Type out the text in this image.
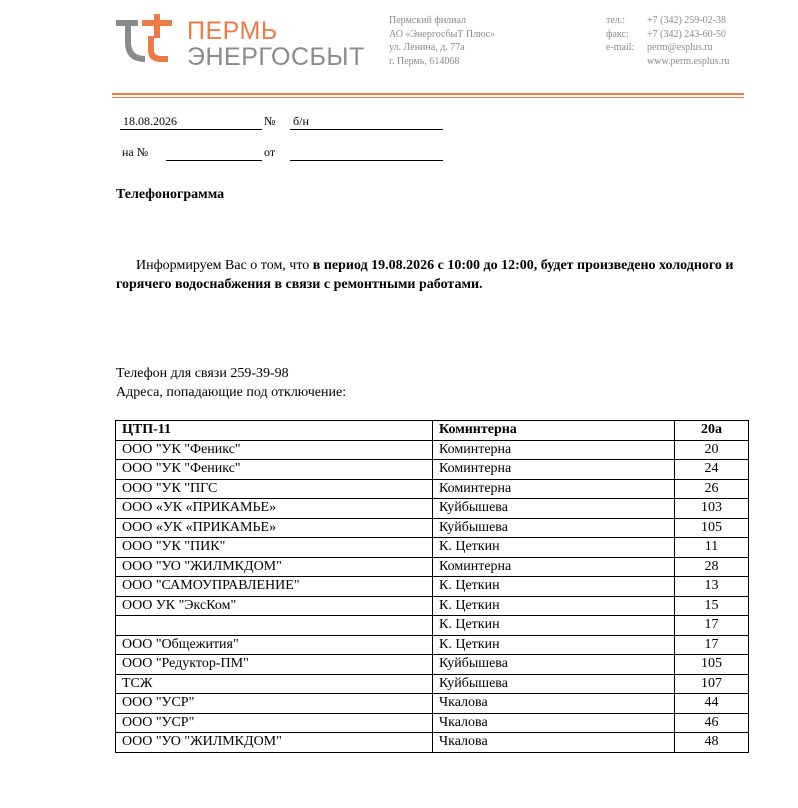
ПЕРМЬ
ЭНЕРГОСБЫТ
Пермский филиал
АО «ЭнергосбыТ Плюс»
ул. Ленина, д. 77а
г. Пермь, 614068
тел.:	+7 (342) 259-02-38
факс:	+7 (342) 243-60-50
e-mail:	perm@esplus.ru
www.perm.esplus.ru
18.08.2026	№ б/н
на №	от
Телефонограмма
Информируем Вас о том, что в период 19.08.2026 с 10:00 до 12:00, будет произведено холодного и горячего водоснабжения в связи с ремонтными работами.
Телефон для связи 259-39-98
Адреса, попадающие под отключение:
ЦТП-11	Коминтерна	20а
ООО "УК "Феникс"	Коминтерна	20
ООО "УК "Феникс"	Коминтерна	24
ООО "УК "ПГС	Коминтерна	26
ООО «УК «ПРИКАМЬЕ»	Куйбышева	103
ООО «УК «ПРИКАМЬЕ»	Куйбышева	105
ООО "УК "ПИК"	К. Цеткин	11
ООО "УО "ЖИЛМКДОМ"	Коминтерна	28
ООО "САМОУПРАВЛЕНИЕ"	К. Цеткин	13
ООО УК "ЭксКом"	К. Цеткин	15
	К. Цеткин	17
ООО "Общежития"	К. Цеткин	17
ООО "Редуктор-ПМ"	Куйбышева	105
ТСЖ	Куйбышева	107
ООО "УСР"	Чкалова	44
ООО "УСР"	Чкалова	46
ООО "УО "ЖИЛМКДОМ"	Чкалова	48
